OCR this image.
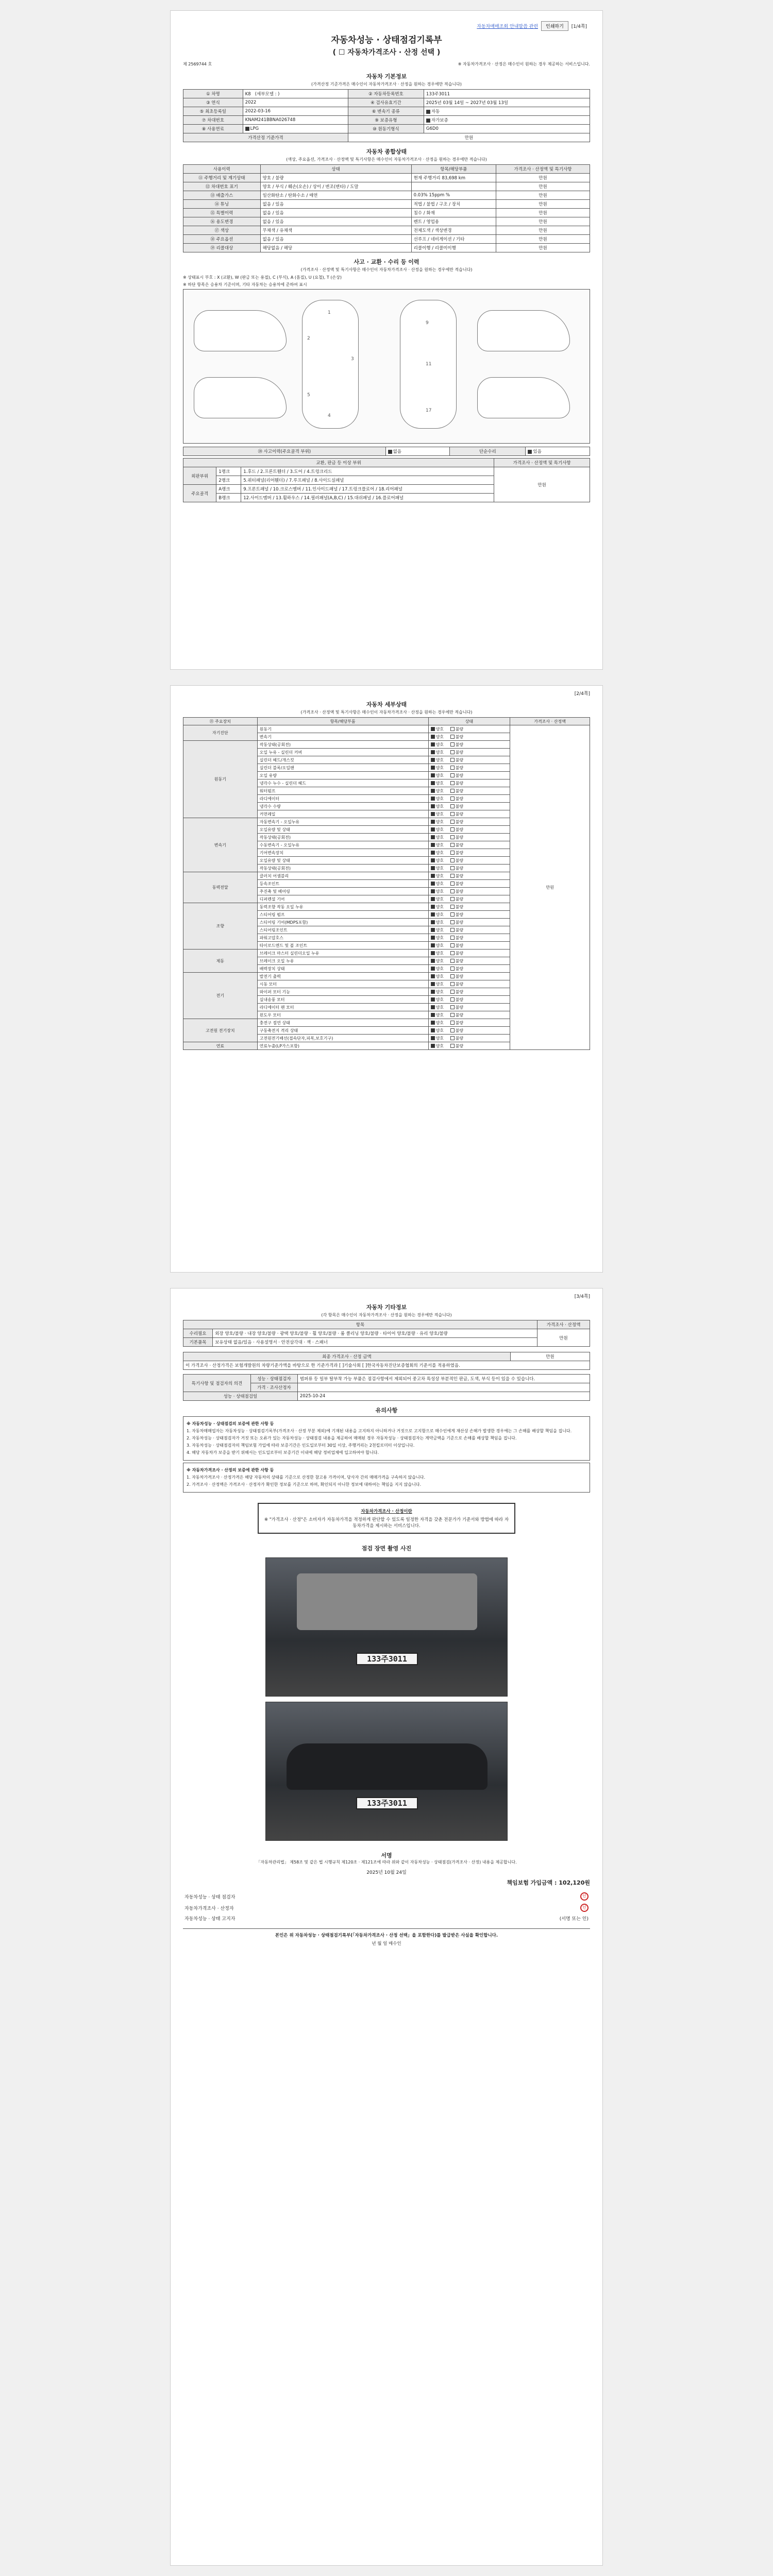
자동차매매조회 안내말씀 관련	인쇄하기	[1/4쪽]
자동차성능 · 상태점검기록부
( ☐ 자동차가격조사 · 산정 선택 )
제 2569744 호	※ 자동차가격조사 · 산정은 매수인이 원하는 경우 제공하는 서비스입니다.
자동차 기본정보
(가격산정 기준가격은 매수인이 자동차가격조사 · 산정을 원하는 경우에만 적습니다)
① 차명	K8 (세부모델 : )	② 자동차등록번호	133주3011
③ 연식	2022	④ 검사유효기간	2025년 03월 14일 ~ 2027년 03월 13일
⑤ 최초등록일	2022-03-16	⑥ 변속기 종류	자동
⑦ 차대번호	KNAM241BBNA026748	⑨ 보증유형	자가보증
⑧ 사용연료	LPG	⑩ 원동기형식	G6D0
가격산정 기준가격		만원	
자동차 종합상태
(색상, 주요옵션, 가격조사 · 산정액 및 특기사항은 매수인이 자동차가격조사 · 산정을 원하는 경우에만 적습니다)
사용이력	상태	항목/해당부품	가격조사 · 산정액 및 특기사항
⑪ 주행거리 및 계기상태	양호 / 불량	현재 주행거리 83,698 km	만원
⑫ 차대번호 표기	양호 / 부식 / 훼손(오손) / 상이 / 변조(변타) / 도말		만원
⑬ 배출가스	일산화탄소 / 탄화수소 / 매연	0.03% 15ppm %	만원
⑭ 튜닝	없음 / 있음	적법 / 불법 / 구조 / 장치	만원
⑮ 특별이력	없음 / 있음	침수 / 화재	만원
⑯ 용도변경	없음 / 있음	렌트 / 영업용	만원
⑰ 색상	무채색 / 유채색	전체도색 / 색상변경	만원
⑱ 주요옵션	없음 / 있음	선루프 / 네비게이션 / 기타	만원
⑲ 리콜대상	해당없음 / 해당	리콜이행 / 리콜미이행	만원
사고 · 교환 · 수리 등 이력
(가격조사 · 산정액 및 특기사항은 매수인이 자동차가격조사 · 산정을 원하는 경우에만 적습니다)
※ 상태표시 부호 : X (교환), W (판금 또는 용접), C (부식), A (흠집), U (요철), T (손상)
※ 하단 항목은 승용차 기준이며, 기타 자동차는 승용차에 준하여 표시
1
2
3
4
5
9
11
17
⑳ 사고이력(주요골격 부위)	없음	단순수리	있음
교환, 판금 등 이상 부위			가격조사 · 산정액 및 특기사항
외판부위	1랭크	1.후드 / 2.프론트휀더 / 3.도어 / 4.트렁크리드	만원
	2랭크	5.쿼터패널(리어휀더) / 7.루프패널 / 8.사이드실패널	
주요골격	A랭크	9.프론트패널 / 10.크로스멤버 / 11.인사이드패널 / 17.트렁크플로어 / 18.리어패널	
	B랭크	12.사이드멤버 / 13.휠하우스 / 14.필러패널(A,B,C) / 15.대쉬패널 / 16.플로어패널	
[2/4쪽]
자동차 세부상태
(가격조사 · 산정액 및 특기사항은 매수인이 자동차가격조사 · 산정을 원하는 경우에만 적습니다)
㉑ 주요장치	항목/해당부품	상태	가격조사 · 산정액
자기진단	원동기	양호 불량	만원
	변속기	양호 불량	
원동기	작동상태(공회전)	양호 불량	
	오일 누유 - 실린더 커버	양호 불량	
	실린더 헤드/개스킷	양호 불량	
	실린더 블록/오일팬	양호 불량	
	오일 유량	양호 불량	
	냉각수 누수 - 실린더 헤드	양호 불량	
	워터펌프	양호 불량	
	라디에이터	양호 불량	
	냉각수 수량	양호 불량	
	커먼레일	양호 불량	
변속기	자동변속기 - 오일누유	양호 불량	
	오일유량 및 상태	양호 불량	
	작동상태(공회전)	양호 불량	
	수동변속기 - 오일누유	양호 불량	
	기어변속장치	양호 불량	
	오일유량 및 상태	양호 불량	
	작동상태(공회전)	양호 불량	
동력전달	클러치 어셈블리	양호 불량	
	등속조인트	양호 불량	
	추진축 및 베어링	양호 불량	
	디퍼렌셜 기어	양호 불량	
조향	동력조향 작동 오일 누유	양호 불량	
	스티어링 펌프	양호 불량	
	스티어링 기어(MDPS포함)	양호 불량	
	스티어링조인트	양호 불량	
	파워고압호스	양호 불량	
	타이로드엔드 및 볼 조인트	양호 불량	
제동	브레이크 마스터 실린더오일 누유	양호 불량	
	브레이크 오일 누유	양호 불량	
	배력장치 상태	양호 불량	
전기	발전기 출력	양호 불량	
	시동 모터	양호 불량	
	와이퍼 모터 기능	양호 불량	
	실내송풍 모터	양호 불량	
	라디에이터 팬 모터	양호 불량	
	윈도우 모터	양호 불량	
고전원 전기장치	충전구 절연 상태	양호 불량	
	구동축전지 격리 상태	양호 불량	
	고전원전기배선(접속단자,피복,보호기구)	양호 불량	
연료	연료누출(LP가스포함)	양호 불량	
[3/4쪽]
자동차 기타정보
(각 항목은 매수인이 자동차가격조사 · 산정을 원하는 경우에만 적습니다)
항목		가격조사 · 산정액
수리필요	외장 양호/불량 · 내장 양호/불량 · 광택 양호/불량 · 휠 양호/불량 · 룸 클리닝 양호/불량 · 타이어 양호/불량 · 유리 양호/불량	만원
기본품목	보유상태 없음/있음 · 사용설명서 · 안전삼각대 · 잭 · 스패너	
최종 가격조사 · 산정 금액	만원
이 가격조사 · 산정가격은 보험개발원의 차량기준가액을 바탕으로 한 기준가격과 [ ]기술사회 [ ]한국자동차진단보증협회의 기준서를 적용하였음.
특기사항 및 점검자의 의견	성능 · 상태점검자	범퍼류 등 일부 탈부착 가능 부품은 점검사항에서 제외되어 중고차 특성상 부분적인 판금, 도색, 부식 등이 있을 수 있습니다.
	가격 · 조사산정자	
성능 · 상태점검일		2025-10-24
유의사항

※ 자동차성능 · 상태점검의 보증에 관한 사항 등

1. 자동차매매업자는 자동차성능 · 상태점검기록부(가격조사 · 산정 부분 제외)에 기재된 내용을 고지하지 아니하거나 거짓으로 고지함으로 매수인에게 재산상 손해가 발생한 경우에는 그 손해를 배상할 책임을 집니다.

2. 자동차성능 · 상태점검자가 거짓 또는 오류가 있는 자동차성능 · 상태점검 내용을 제공하여 매매된 경우 자동차성능 · 상태점검자는 계약금액을 기준으로 손해를 배상할 책임을 집니다.

3. 자동차성능 · 상태점검자의 책임보험 가입에 따라 보증기간은 인도일로부터 30일 이상, 주행거리는 2천킬로미터 이상입니다.

4. 해당 자동차가 보증을 받기 위해서는 인도일로부터 보증기간 이내에 해당 정비업체에 입고하여야 합니다.

※ 자동차가격조사 · 산정의 보증에 관한 사항 등

1. 자동차가격조사 · 산정가격은 해당 자동차의 상태를 기준으로 산정한 참고용 가격이며, 당사자 간의 매매가격을 구속하지 않습니다.

2. 가격조사 · 산정액은 가격조사 · 산정자가 확인한 정보를 기준으로 하며, 확인되지 아니한 정보에 대하여는 책임을 지지 않습니다.

자동차가격조사 · 산정이란
※ "가격조사 · 산정"은 소비자가 자동차가격을 적정하게 판단할 수 있도록 일정한 자격을 갖춘 전문가가 기준서와 방법에 따라 자동차가격을 제시하는 서비스입니다.
점검 장면 촬영 사진
133주3011
133주3011
서명
「자동차관리법」 제58조 및 같은 법 시행규칙 제120조 · 제121조에 따라 위와 같이 자동차성능 · 상태점검(가격조사 · 산정) 내용을 제공합니다.
2025년 10월 24일
책임보험 가입금액 : 102,120원
자동차성능 · 상태 점검자		인
자동차가격조사 · 산정자		인
자동차성능 · 상태 고지자		(서명 또는 인)
본인은 위 자동차성능 · 상태점검기록부(「자동차가격조사 · 산정 선택」을 포함한다)를 발급받은 사실을 확인합니다.
년 월 일 매수인
